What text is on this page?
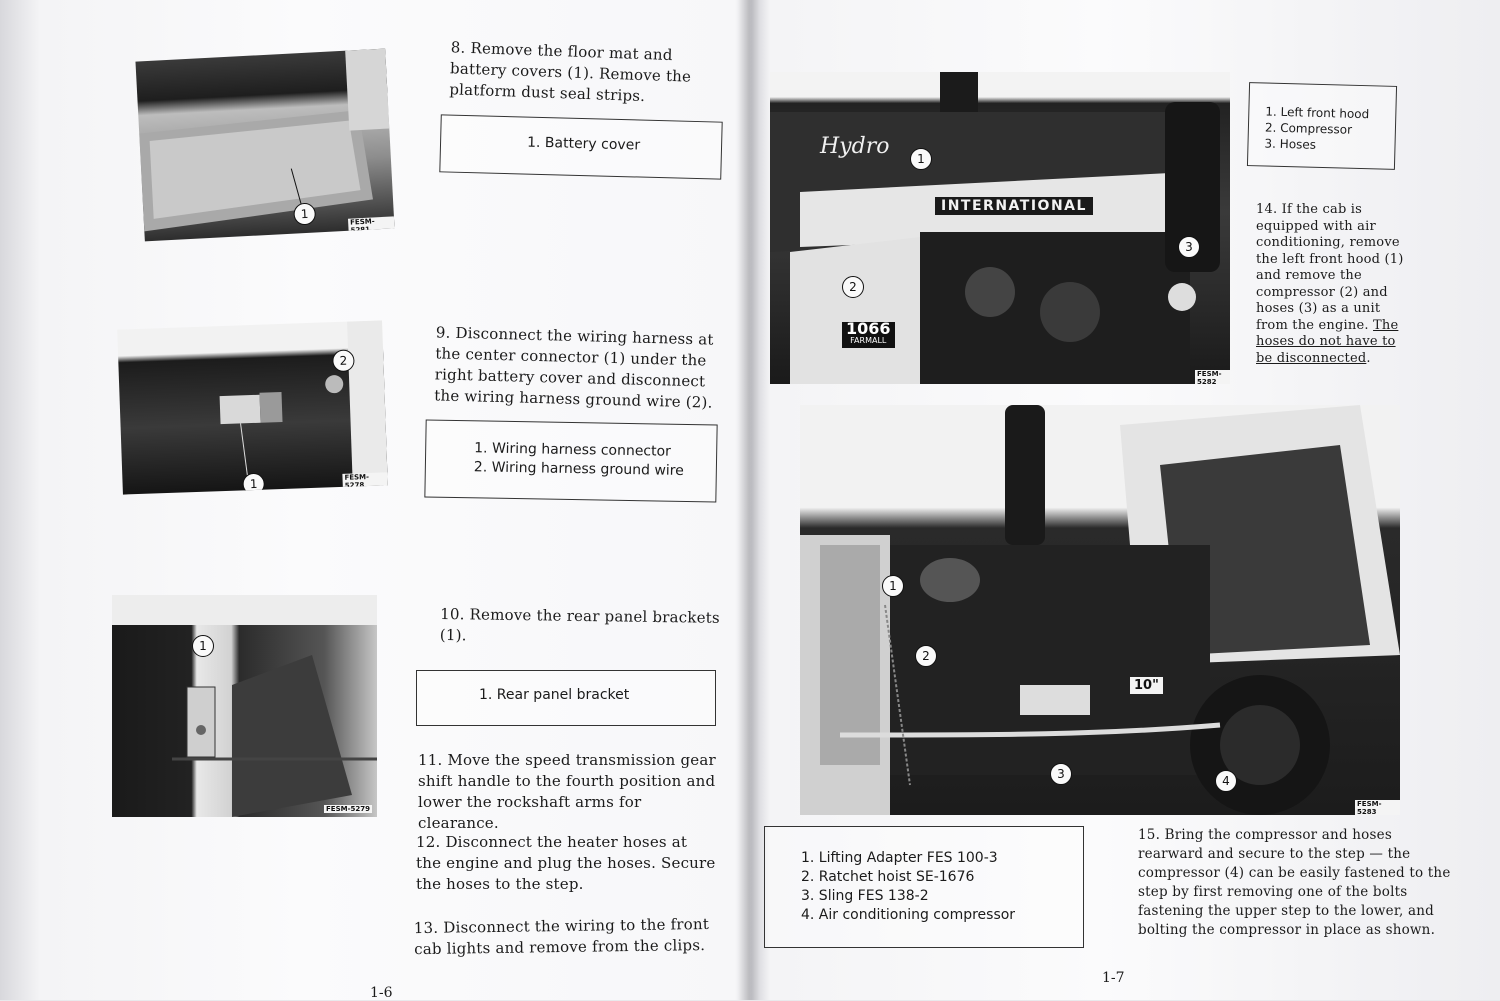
1
FESM-5281
8. Remove the floor mat and battery covers (1). Remove the platform dust seal strips.
1. Battery cover
1
2
FESM-5278
9. Disconnect the wiring harness at the center connector (1) under the right battery cover and disconnect the wiring harness ground wire (2).
1. Wiring harness connector
2. Wiring harness ground wire
1
FESM-5279
10. Remove the rear panel brackets (1).
1. Rear panel bracket
11. Move the speed transmission gear shift handle to the fourth position and lower the rockshaft arms for clearance.
12. Disconnect the heater hoses at the engine and plug the hoses. Secure the hoses to the step.
13. Disconnect the wiring to the front cab lights and remove from the clips.
1-6
Hydro
INTERNATIONAL
1066
FARMALL
1
2
3
FESM-5282
1. Left front hood
2. Compressor
3. Hoses
14. If the cab is equipped with air conditioning, remove the left front hood (1) and remove the compressor (2) and hoses (3) as a unit from the engine. The hoses do not have to be disconnected.
10"
1
2
3	4
FESM-5283
1. Lifting Adapter FES 100-3
2. Ratchet hoist SE-1676
3. Sling FES 138-2
4. Air conditioning compressor
15. Bring the compressor and hoses rearward and secure to the step — the compressor (4) can be easily fastened to the step by first removing one of the bolts fastening the upper step to the lower, and bolting the compressor in place as shown.
1-7
